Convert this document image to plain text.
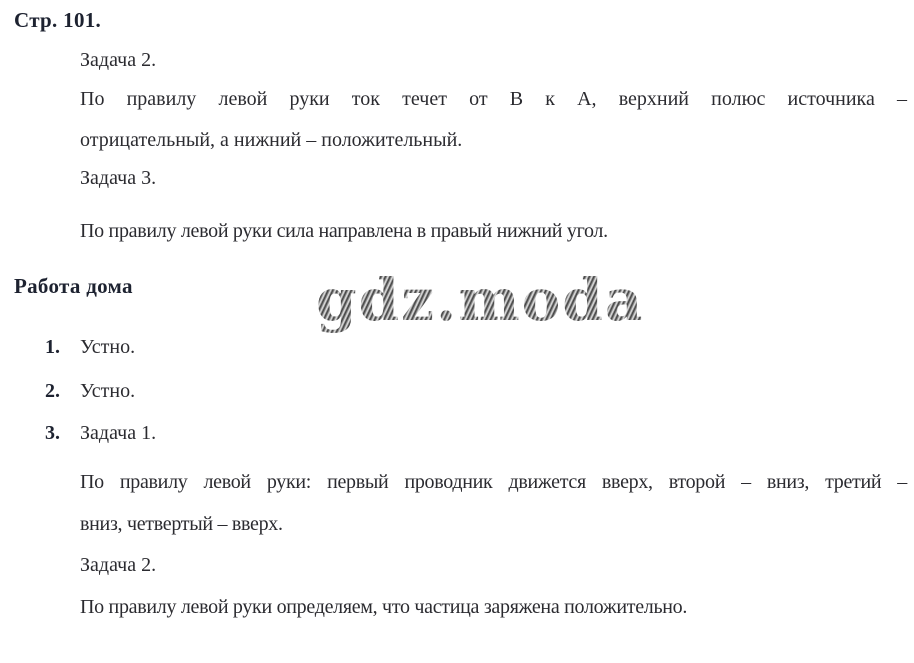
Стр. 101.
Задача 2.
По правилу левой руки ток течет от В к А, верхний полюс источника –
отрицательный, а нижний – положительный.
Задача 3.
По правилу левой руки сила направлена в правый нижний угол.
Работа дома	gdz.moda
1. Устно.
2. Устно.
3. Задача 1.
По правилу левой руки: первый проводник движется вверх, второй – вниз, третий –
вниз, четвертый – вверх.
Задача 2.
По правилу левой руки определяем, что частица заряжена положительно.
